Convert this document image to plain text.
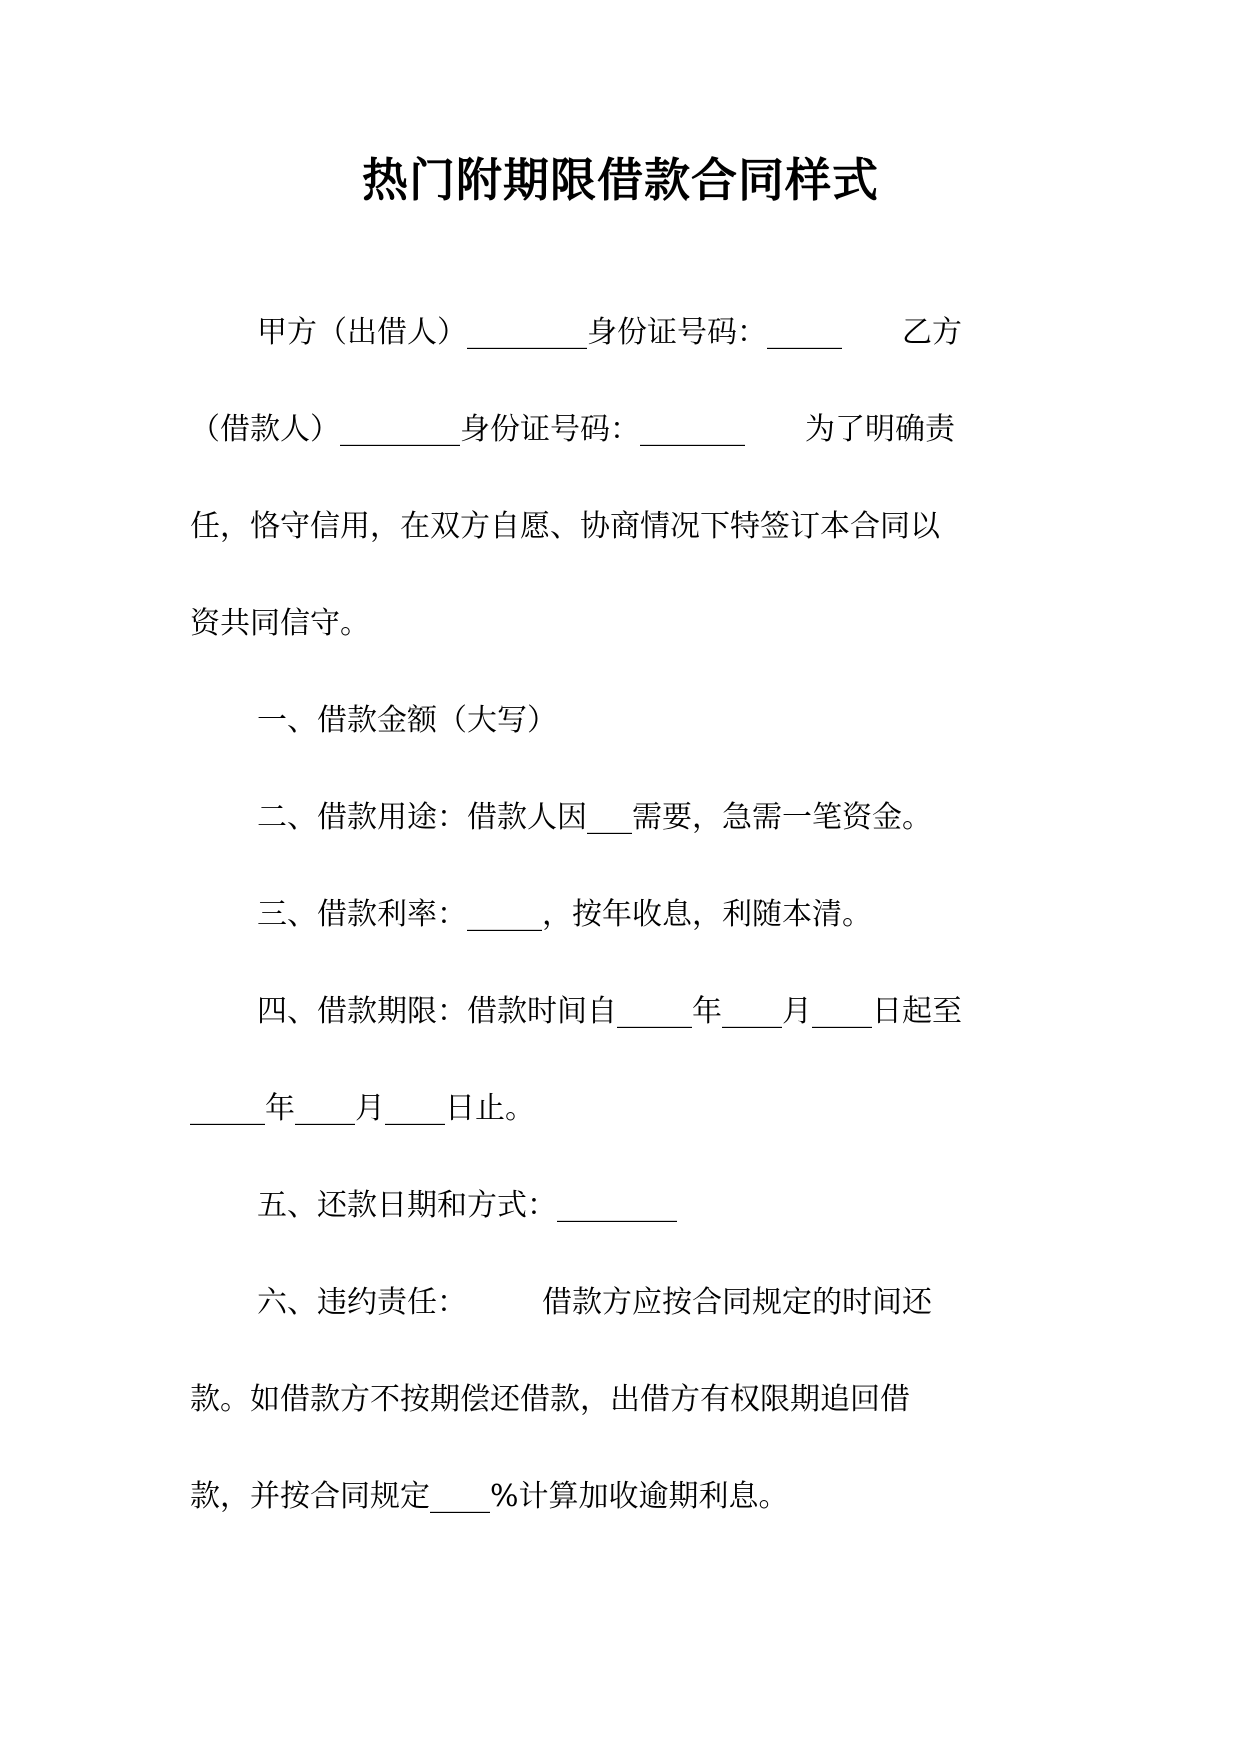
热门附期限借款合同样式
甲方（出借人）________身份证号码：_____　　乙方
（借款人）________身份证号码：_______　　为了明确责
任，恪守信用，在双方自愿、协商情况下特签订本合同以
资共同信守。
一、借款金额（大写）
二、借款用途：借款人因___需要，急需一笔资金。
三、借款利率：_____，按年收息，利随本清。
四、借款期限：借款时间自_____年____月____日起至
_____年____月____日止。
五、还款日期和方式：________
六、违约责任：　　　借款方应按合同规定的时间还
款。如借款方不按期偿还借款，出借方有权限期追回借
款，并按合同规定____%计算加收逾期利息。
